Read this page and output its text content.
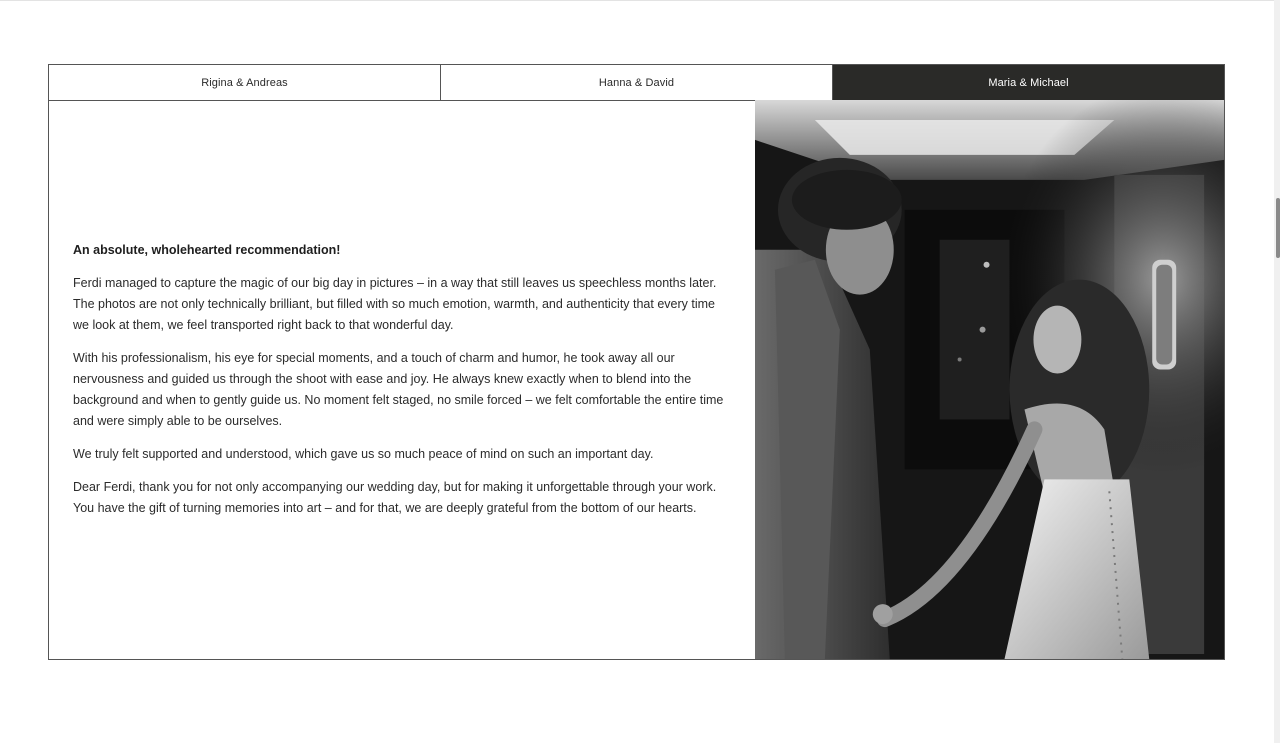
Rigina & Andreas	Hanna & David	Maria & Michael

An absolute, wholehearted recommendation!

Ferdi managed to capture the magic of our big day in pictures – in a way that still leaves us speechless months later. The photos are not only technically brilliant, but filled with so much emotion, warmth, and authenticity that every time we look at them, we feel transported right back to that wonderful day.

With his professionalism, his eye for special moments, and a touch of charm and humor, he took away all our nervousness and guided us through the shoot with ease and joy. He always knew exactly when to blend into the background and when to gently guide us. No moment felt staged, no smile forced – we felt comfortable the entire time and were simply able to be ourselves.

We truly felt supported and understood, which gave us so much peace of mind on such an important day.

Dear Ferdi, thank you for not only accompanying our wedding day, but for making it unforgettable through your work. You have the gift of turning memories into art – and for that, we are deeply grateful from the bottom of our hearts.
